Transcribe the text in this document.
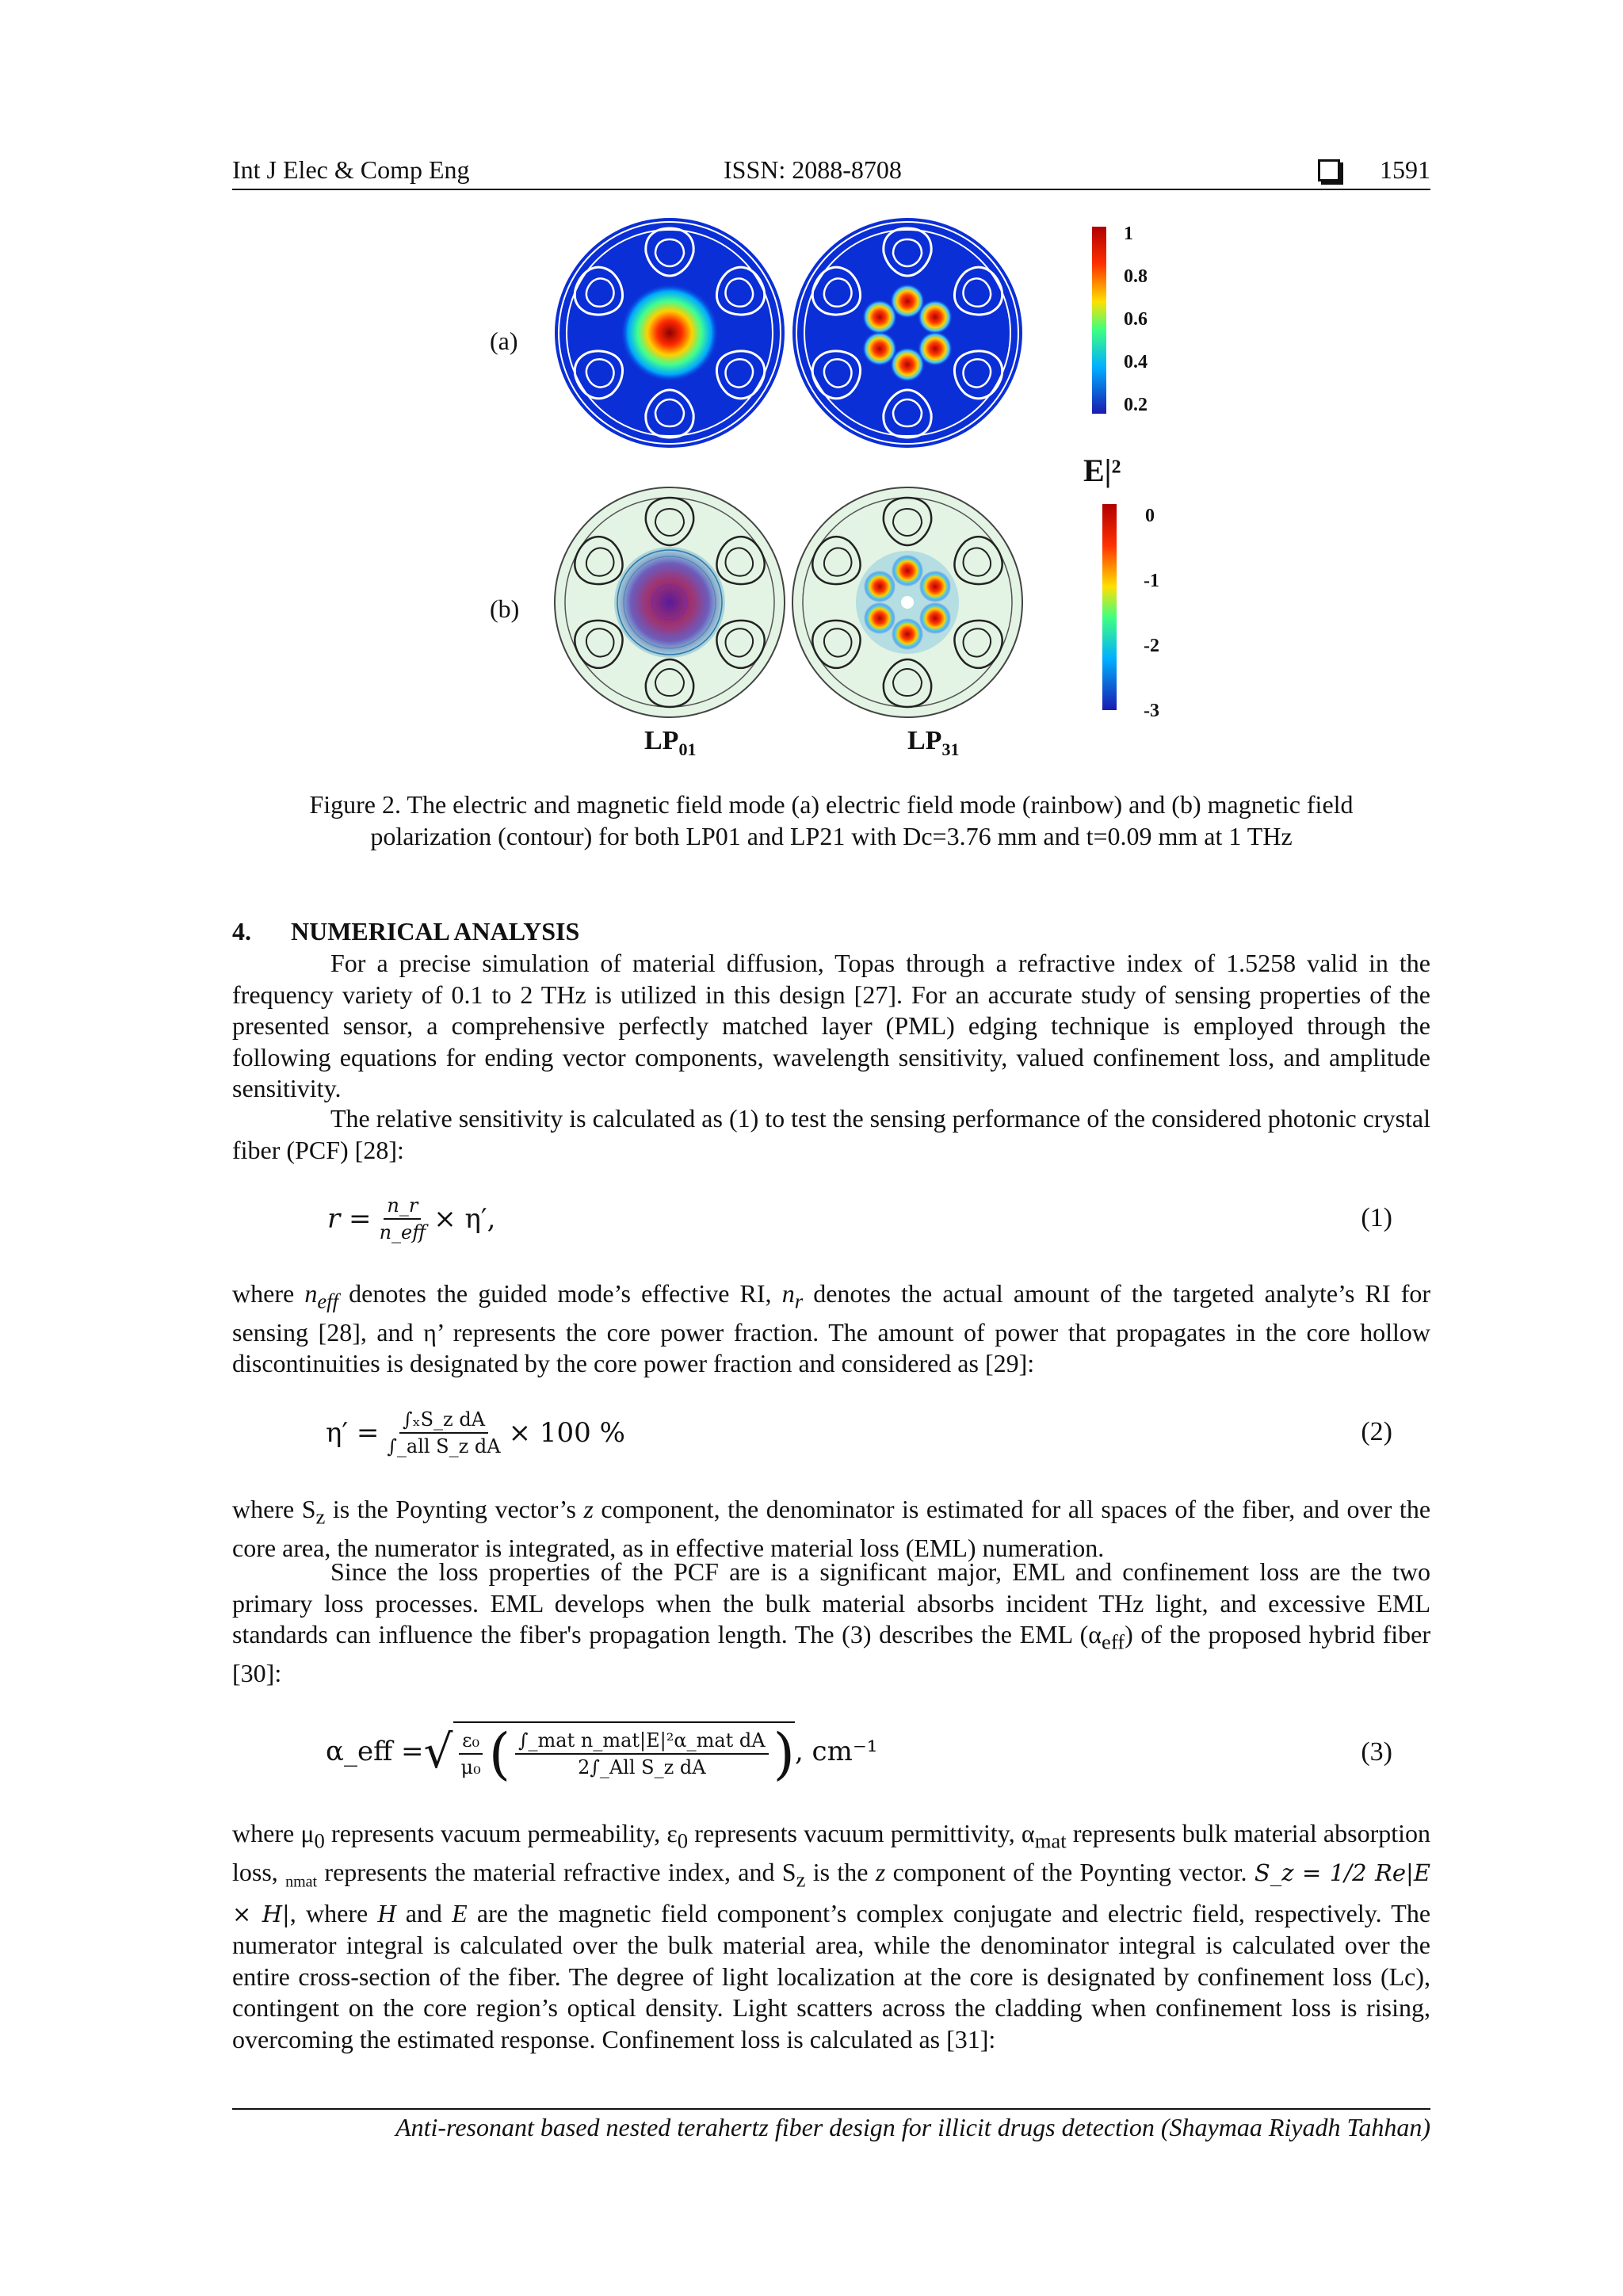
Int J Elec & Comp Eng	ISSN: 2088-8708	1591
(a)
(b)
1
0.8
0.6
0.4
0.2
E|²
0
-1
-2
-3
$LP_{01}$	$LP_{31}$
Figure 2. The electric and magnetic field mode (a) electric field mode (rainbow) and (b) magnetic field
polarization (contour) for both LP01 and LP21 with Dc=3.76 mm and t=0.09 mm at 1 THz
4. NUMERICAL ANALYSIS

For a precise simulation of material diffusion, Topas through a refractive index of 1.5258 valid in the frequency variety of 0.1 to 2 THz is utilized in this design [27]. For an accurate study of sensing properties of the presented sensor, a comprehensive perfectly matched layer (PML) edging technique is employed through the following equations for ending vector components, wavelength sensitivity, valued confinement loss, and amplitude sensitivity.

The relative sensitivity is calculated as (1) to test the sensing performance of the considered photonic crystal fiber (PCF) [28]:

$r = \frac{n\_r}{\text{n\_eff}} \times \eta'$,	(1)

where $n_{eff}$ denotes the guided mode’s effective RI, $n_r$ denotes the actual amount of the targeted analyte’s RI for sensing [28], and η’ represents the core power fraction. The amount of power that propagates in the core hollow discontinuities is designated by the core power fraction and considered as [29]:

$\eta' = \frac{\text{∫ₓS\_z dA}}{\text{∫\_all S\_z dA}} \times 100$ %	(2)

where $S_z$ is the Poynting vector’s z component, the denominator is estimated for all spaces of the fiber, and over the core area, the numerator is integrated, as in effective material loss (EML) numeration.

Since the loss properties of the PCF are is a significant major, EML and confinement loss are the two primary loss processes. EML develops when the bulk material absorbs incident THz light, and excessive EML standards can influence the fiber's propagation length. The (3) describes the EML $(\alpha_{eff})$ of the proposed hybrid fiber [30]:

α_eff = √ $\frac{\text{ε₀}}{\text{μ₀}}$ ( $\frac{\text{∫\_mat n\_mat|E|²α\_mat dA}}{\text{2∫\_All S\_z dA}}$ ) , cm⁻¹	(3)

where $\mu_0$ represents vacuum permeability, $\varepsilon_0$ represents vacuum permittivity, $\alpha_{mat}$ represents bulk material absorption loss, $_{nmat}$ represents the material refractive index, and $S_z$ is the z component of the Poynting vector. S_z = 1/2 Re|E × H|, where H and E are the magnetic field component’s complex conjugate and electric field, respectively. The numerator integral is calculated over the bulk material area, while the denominator integral is calculated over the entire cross-section of the fiber. The degree of light localization at the core is designated by confinement loss (Lc), contingent on the core region’s optical density. Light scatters across the cladding when confinement loss is rising, overcoming the estimated response. Confinement loss is calculated as [31]:

Anti-resonant based nested terahertz fiber design for illicit drugs detection (Shaymaa Riyadh Tahhan)
